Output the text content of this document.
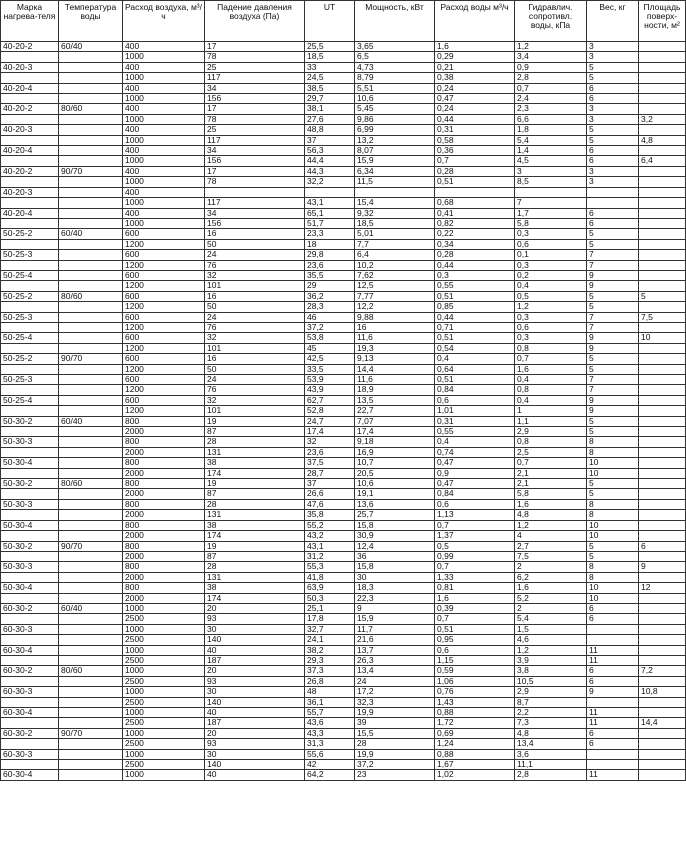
Марка нагрева-теля	Температура воды	Расход воздуха, м³/ч	Падение давления воздуха (Па)	UT	Мощность, кВт	Расход воды м³/ч	Гидравлич. сопротивл. воды, кПа	Вес, кг	Площадь поверх-ности, м²
40-20-2	60/40	400	17	25,5	3,65	1,6	1,2	3	
		1000	78	18,5	6,5	0,29	3,4	3	
40-20-3		400	25	33	4,73	0,21	0,9	5	
		1000	117	24,5	8,79	0,38	2,8	5	
40-20-4		400	34	38,5	5,51	0,24	0,7	6	
		1000	156	29,7	10,6	0,47	2,4	6	
40-20-2	80/60	400	17	38,1	5,45	0,24	2,3	3	
		1000	78	27,6	9,86	0,44	6,6	3	3,2
40-20-3		400	25	48,8	6,99	0,31	1,8	5	
		1000	117	37	13,2	0,58	5,4	5	4,8
40-20-4		400	34	56,3	8,07	0,36	1,4	6	
		1000	156	44,4	15,9	0,7	4,5	6	6,4
40-20-2	90/70	400	17	44,3	6,34	0,28	3	3	
		1000	78	32,2	11,5	0,51	8,5	3	
40-20-3		400							
		1000	117	43,1	15,4	0,68	7		
40-20-4		400	34	65,1	9,32	0,41	1,7	6	
		1000	156	51,7	18,5	0,82	5,8	6	
50-25-2	60/40	600	16	23,3	5,01	0,22	0,3	5	
		1200	50	18	7,7	0,34	0,6	5	
50-25-3		600	24	29,8	6,4	0,28	0,1	7	
		1200	76	23,6	10,2	0,44	0,3	7	
50-25-4		600	32	35,5	7,62	0,3	0,2	9	
		1200	101	29	12,5	0,55	0,4	9	
50-25-2	80/60	600	16	36,2	7,77	0,51	0,5	5	5
		1200	50	28,3	12,2	0,85	1,2	5	
50-25-3		600	24	46	9,88	0,44	0,3	7	7,5
		1200	76	37,2	16	0,71	0,6	7	
50-25-4		600	32	53,8	11,6	0,51	0,3	9	10
		1200	101	45	19,3	0,54	0,8	9	
50-25-2	90/70	600	16	42,5	9,13	0,4	0,7	5	
		1200	50	33,5	14,4	0,64	1,6	5	
50-25-3		600	24	53,9	11,6	0,51	0,4	7	
		1200	76	43,9	18,9	0,84	0,8	7	
50-25-4		600	32	62,7	13,5	0,6	0,4	9	
		1200	101	52,8	22,7	1,01	1	9	
50-30-2	60/40	800	19	24,7	7,07	0,31	1,1	5	
		2000	87	17,4	17,4	0,55	2,9	5	
50-30-3		800	28	32	9,18	0,4	0,8	8	
		2000	131	23,6	16,9	0,74	2,5	8	
50-30-4		800	38	37,5	10,7	0,47	0,7	10	
		2000	174	28,7	20,5	0,9	2,1	10	
50-30-2	80/60	800	19	37	10,6	0,47	2,1	5	
		2000	87	26,6	19,1	0,84	5,8	5	
50-30-3		800	28	47,6	13,6	0,6	1,6	8	
		2000	131	35,8	25,7	1,13	4,8	8	
50-30-4		800	38	55,2	15,8	0,7	1,2	10	
		2000	174	43,2	30,9	1,37	4	10	
50-30-2	90/70	800	19	43,1	12,4	0,5	2,7	5	6
		2000	87	31,2	36	0,99	7,5	5	
50-30-3		800	28	55,3	15,8	0,7	2	8	9
		2000	131	41,8	30	1,33	6,2	8	
50-30-4		800	38	63,9	18,3	0,81	1,6	10	12
		2000	174	50,3	22,3	1,6	5,2	10	
60-30-2	60/40	1000	20	25,1	9	0,39	2	6	
		2500	93	17,8	15,9	0,7	5,4	6	
60-30-3		1000	30	32,7	11,7	0,51	1,5		
		2500	140	24,1	21,6	0,95	4,6		
60-30-4		1000	40	38,2	13,7	0,6	1,2	11	
		2500	187	29,3	26,3	1,15	3,9	11	
60-30-2	80/60	1000	20	37,3	13,4	0,59	3,8	6	7,2
		2500	93	26,8	24	1,06	10,5	6	
60-30-3		1000	30	48	17,2	0,76	2,9	9	10,8
		2500	140	36,1	32,3	1,43	8,7		
60-30-4		1000	40	55,7	19,9	0,88	2,2	11	
		2500	187	43,6	39	1,72	7,3	11	14,4
60-30-2	90/70	1000	20	43,3	15,5	0,69	4,8	6	
		2500	93	31,3	28	1,24	13,4	6	
60-30-3		1000	30	55,6	19,9	0,88	3,6		
		2500	140	42	37,2	1,67	11,1		
60-30-4		1000	40	64,2	23	1,02	2,8	11	
